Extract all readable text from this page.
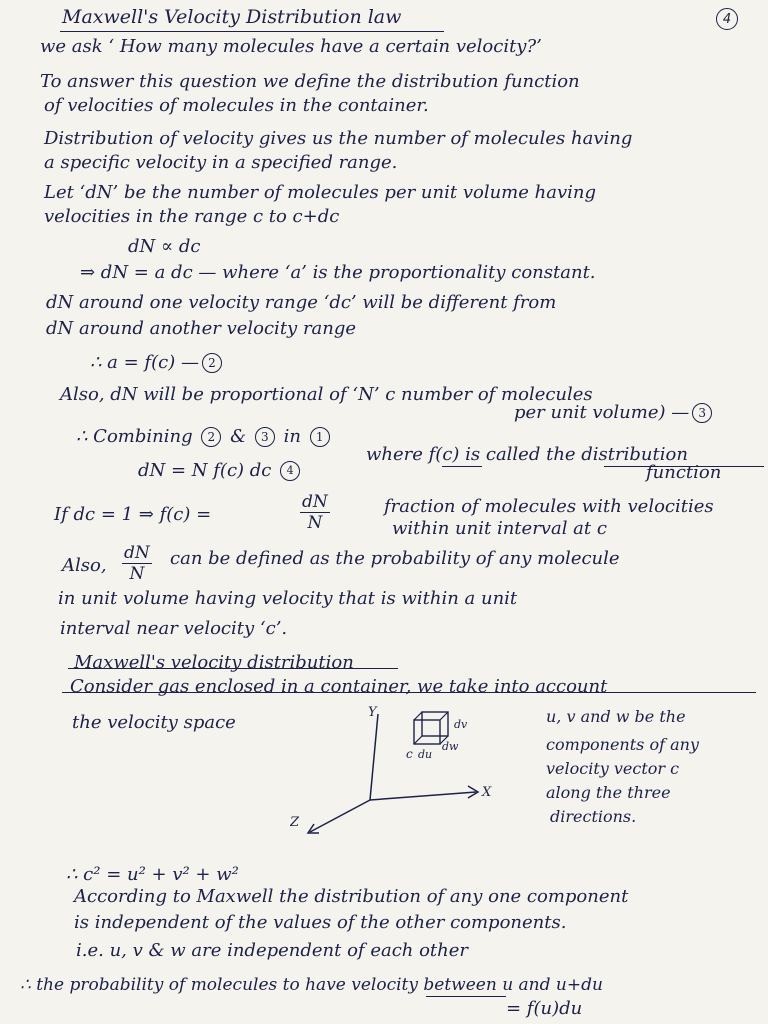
4
Maxwell's Velocity Distribution law
we ask ‘ How many molecules have a certain velocity?’
To answer this question we define the distribution function
of velocities of molecules in the container.
Distribution of velocity gives us the number of molecules having
a specific velocity in a specified range.
Let ‘dN’ be the number of molecules per unit volume having
velocities in the range c to c+dc
dN ∝ dc
⇒ dN = a dc — where ‘a’ is the proportionality constant.
dN around one velocity range ‘dc’ will be different from
dN around another velocity range
∴ a = f(c) — 2
Also, dN will be proportional of ‘N’ c number of molecules
per unit volume) — 3
∴ Combining 2 & 3 in 1
dN = N f(c) dc 4
where f(c) is called the distribution
function
If dc = 1 ⇒ f(c) =	$\frac{dN}{N}$	fraction of molecules with velocities
within unit interval at c
Also, $\frac{dN}{N}$ can be defined as the probability of any molecule
in unit volume having velocity that is within a unit
interval near velocity ‘c’.
Maxwell's velocity distribution
Consider gas enclosed in a container, we take into account
the velocity space	Y
X
Z
c du
dv
dw
u, v and w be the
components of any
velocity vector c
along the three
directions.
∴ c² = u² + v² + w²
According to Maxwell the distribution of any one component
is independent of the values of the other components.
i.e. u, v & w are independent of each other
∴ the probability of molecules to have velocity between u and u+du
= f(u)du
